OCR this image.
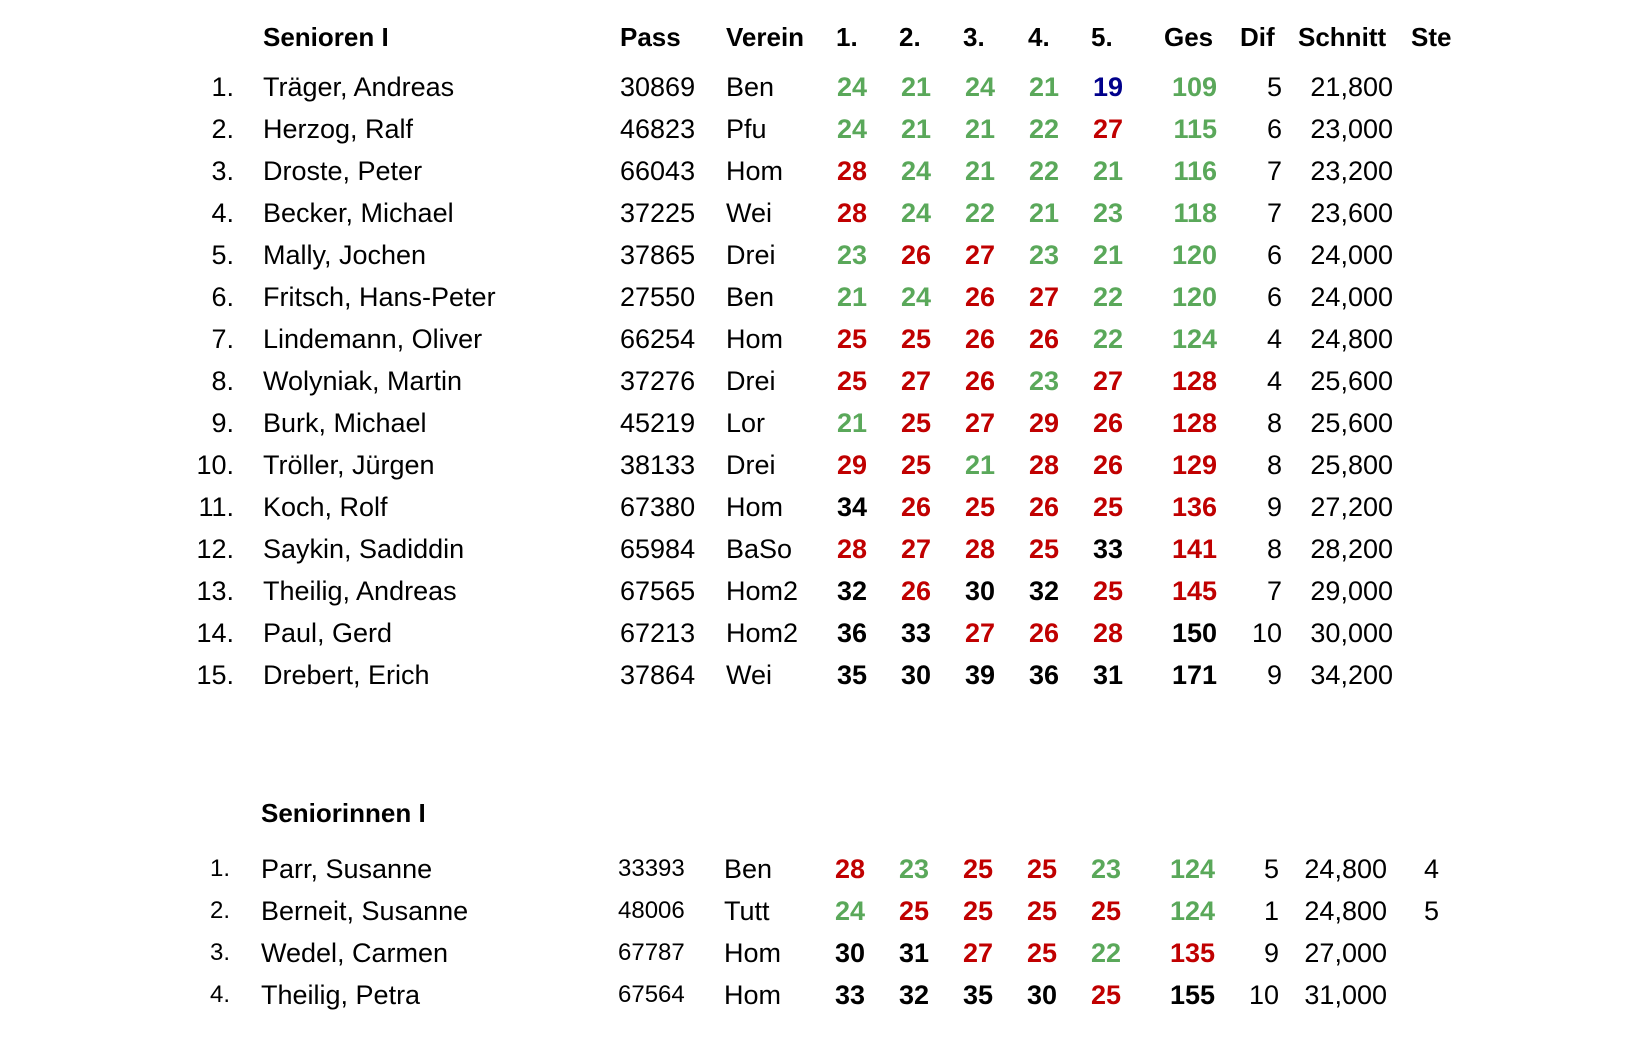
Senioren I	Pass Verein 1. 2. 3. 4. 5. Ges Dif Schnitt Ste
1. Träger, Andreas	30869 Ben	24	21	24	21	19	109	5	21,800
2. Herzog, Ralf	46823 Pfu	24	21	21	22	27	115	6	23,000
3. Droste, Peter	66043 Hom	28	24	21	22	21	116	7	23,200
4. Becker, Michael	37225 Wei	28	24	22	21	23	118	7	23,600
5. Mally, Jochen	37865 Drei	23	26	27	23	21	120	6	24,000
6. Fritsch, Hans-Peter	27550 Ben	21	24	26	27	22	120	6	24,000
7. Lindemann, Oliver	66254 Hom	25	25	26	26	22	124	4	24,800
8. Wolyniak, Martin	37276 Drei	25	27	26	23	27	128	4	25,600
9. Burk, Michael	45219 Lor	21	25	27	29	26	128	8	25,600
10. Tröller, Jürgen	38133 Drei	29	25	21	28	26	129	8	25,800
11. Koch, Rolf	67380 Hom	34	26	25	26	25	136	9	27,200
12. Saykin, Sadiddin	65984 BaSo	28	27	28	25	33	141	8	28,200
13. Theilig, Andreas	67565 Hom2	32	26	30	32	25	145	7	29,000
14. Paul, Gerd	67213 Hom2	36	33	27	26	28	150	10	30,000
15. Drebert, Erich	37864 Wei	35	30	39	36	31	171	9	34,200
Seniorinnen I
1. Parr, Susanne	33393 Ben	28	23	25	25	23	124	5 24,800	4
2. Berneit, Susanne	48006 Tutt	24	25	25	25	25	124	1 24,800	5
3. Wedel, Carmen	67787 Hom	30	31	27	25	22	135	9 27,000
4. Theilig, Petra	67564 Hom	33	32	35	30	25	155	10 31,000
